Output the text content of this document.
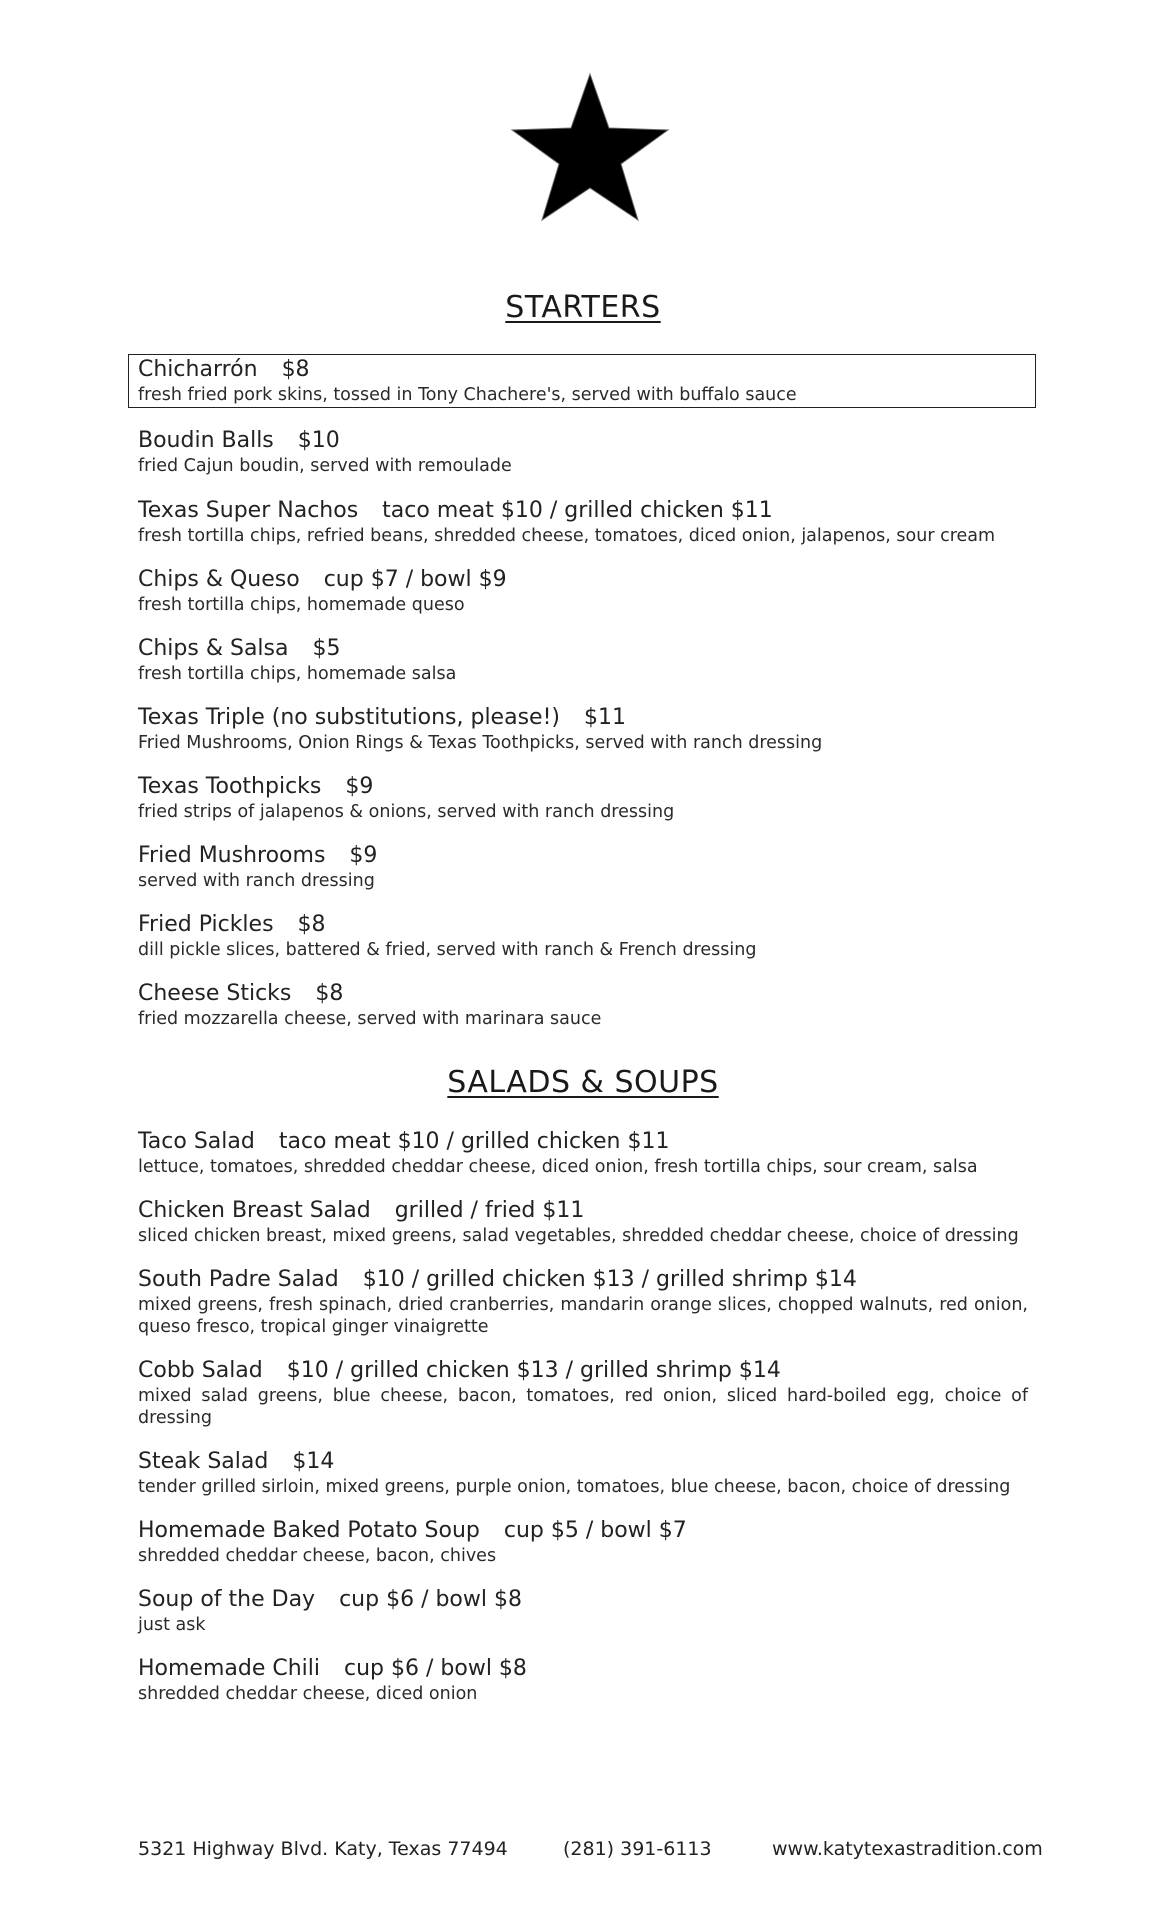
STARTERS
Chicharrón $8
fresh fried pork skins, tossed in Tony Chachere's, served with buffalo sauce
Boudin Balls $10
fried Cajun boudin, served with remoulade
Texas Super Nachos taco meat $10 / grilled chicken $11
fresh tortilla chips, refried beans, shredded cheese, tomatoes, diced onion, jalapenos, sour cream
Chips & Queso cup $7 / bowl $9
fresh tortilla chips, homemade queso
Chips & Salsa $5
fresh tortilla chips, homemade salsa
Texas Triple (no substitutions, please!) $11
Fried Mushrooms, Onion Rings & Texas Toothpicks, served with ranch dressing
Texas Toothpicks $9
fried strips of jalapenos & onions, served with ranch dressing
Fried Mushrooms $9
served with ranch dressing
Fried Pickles $8
dill pickle slices, battered & fried, served with ranch & French dressing
Cheese Sticks $8
fried mozzarella cheese, served with marinara sauce
SALADS & SOUPS
Taco Salad taco meat $10 / grilled chicken $11
lettuce, tomatoes, shredded cheddar cheese, diced onion, fresh tortilla chips, sour cream, salsa
Chicken Breast Salad grilled / fried $11
sliced chicken breast, mixed greens, salad vegetables, shredded cheddar cheese, choice of dressing
South Padre Salad $10 / grilled chicken $13 / grilled shrimp $14
mixed greens, fresh spinach, dried cranberries, mandarin orange slices, chopped walnuts, red onion, queso fresco, tropical ginger vinaigrette
Cobb Salad $10 / grilled chicken $13 / grilled shrimp $14
mixed salad greens, blue cheese, bacon, tomatoes, red onion, sliced hard-boiled egg, choice of dressing
Steak Salad $14
tender grilled sirloin, mixed greens, purple onion, tomatoes, blue cheese, bacon, choice of dressing
Homemade Baked Potato Soup cup $5 / bowl $7
shredded cheddar cheese, bacon, chives
Soup of the Day cup $6 / bowl $8
just ask
Homemade Chili cup $6 / bowl $8
shredded cheddar cheese, diced onion
5321 Highway Blvd. Katy, Texas 77494	(281) 391-6113	www.katytexastradition.com
